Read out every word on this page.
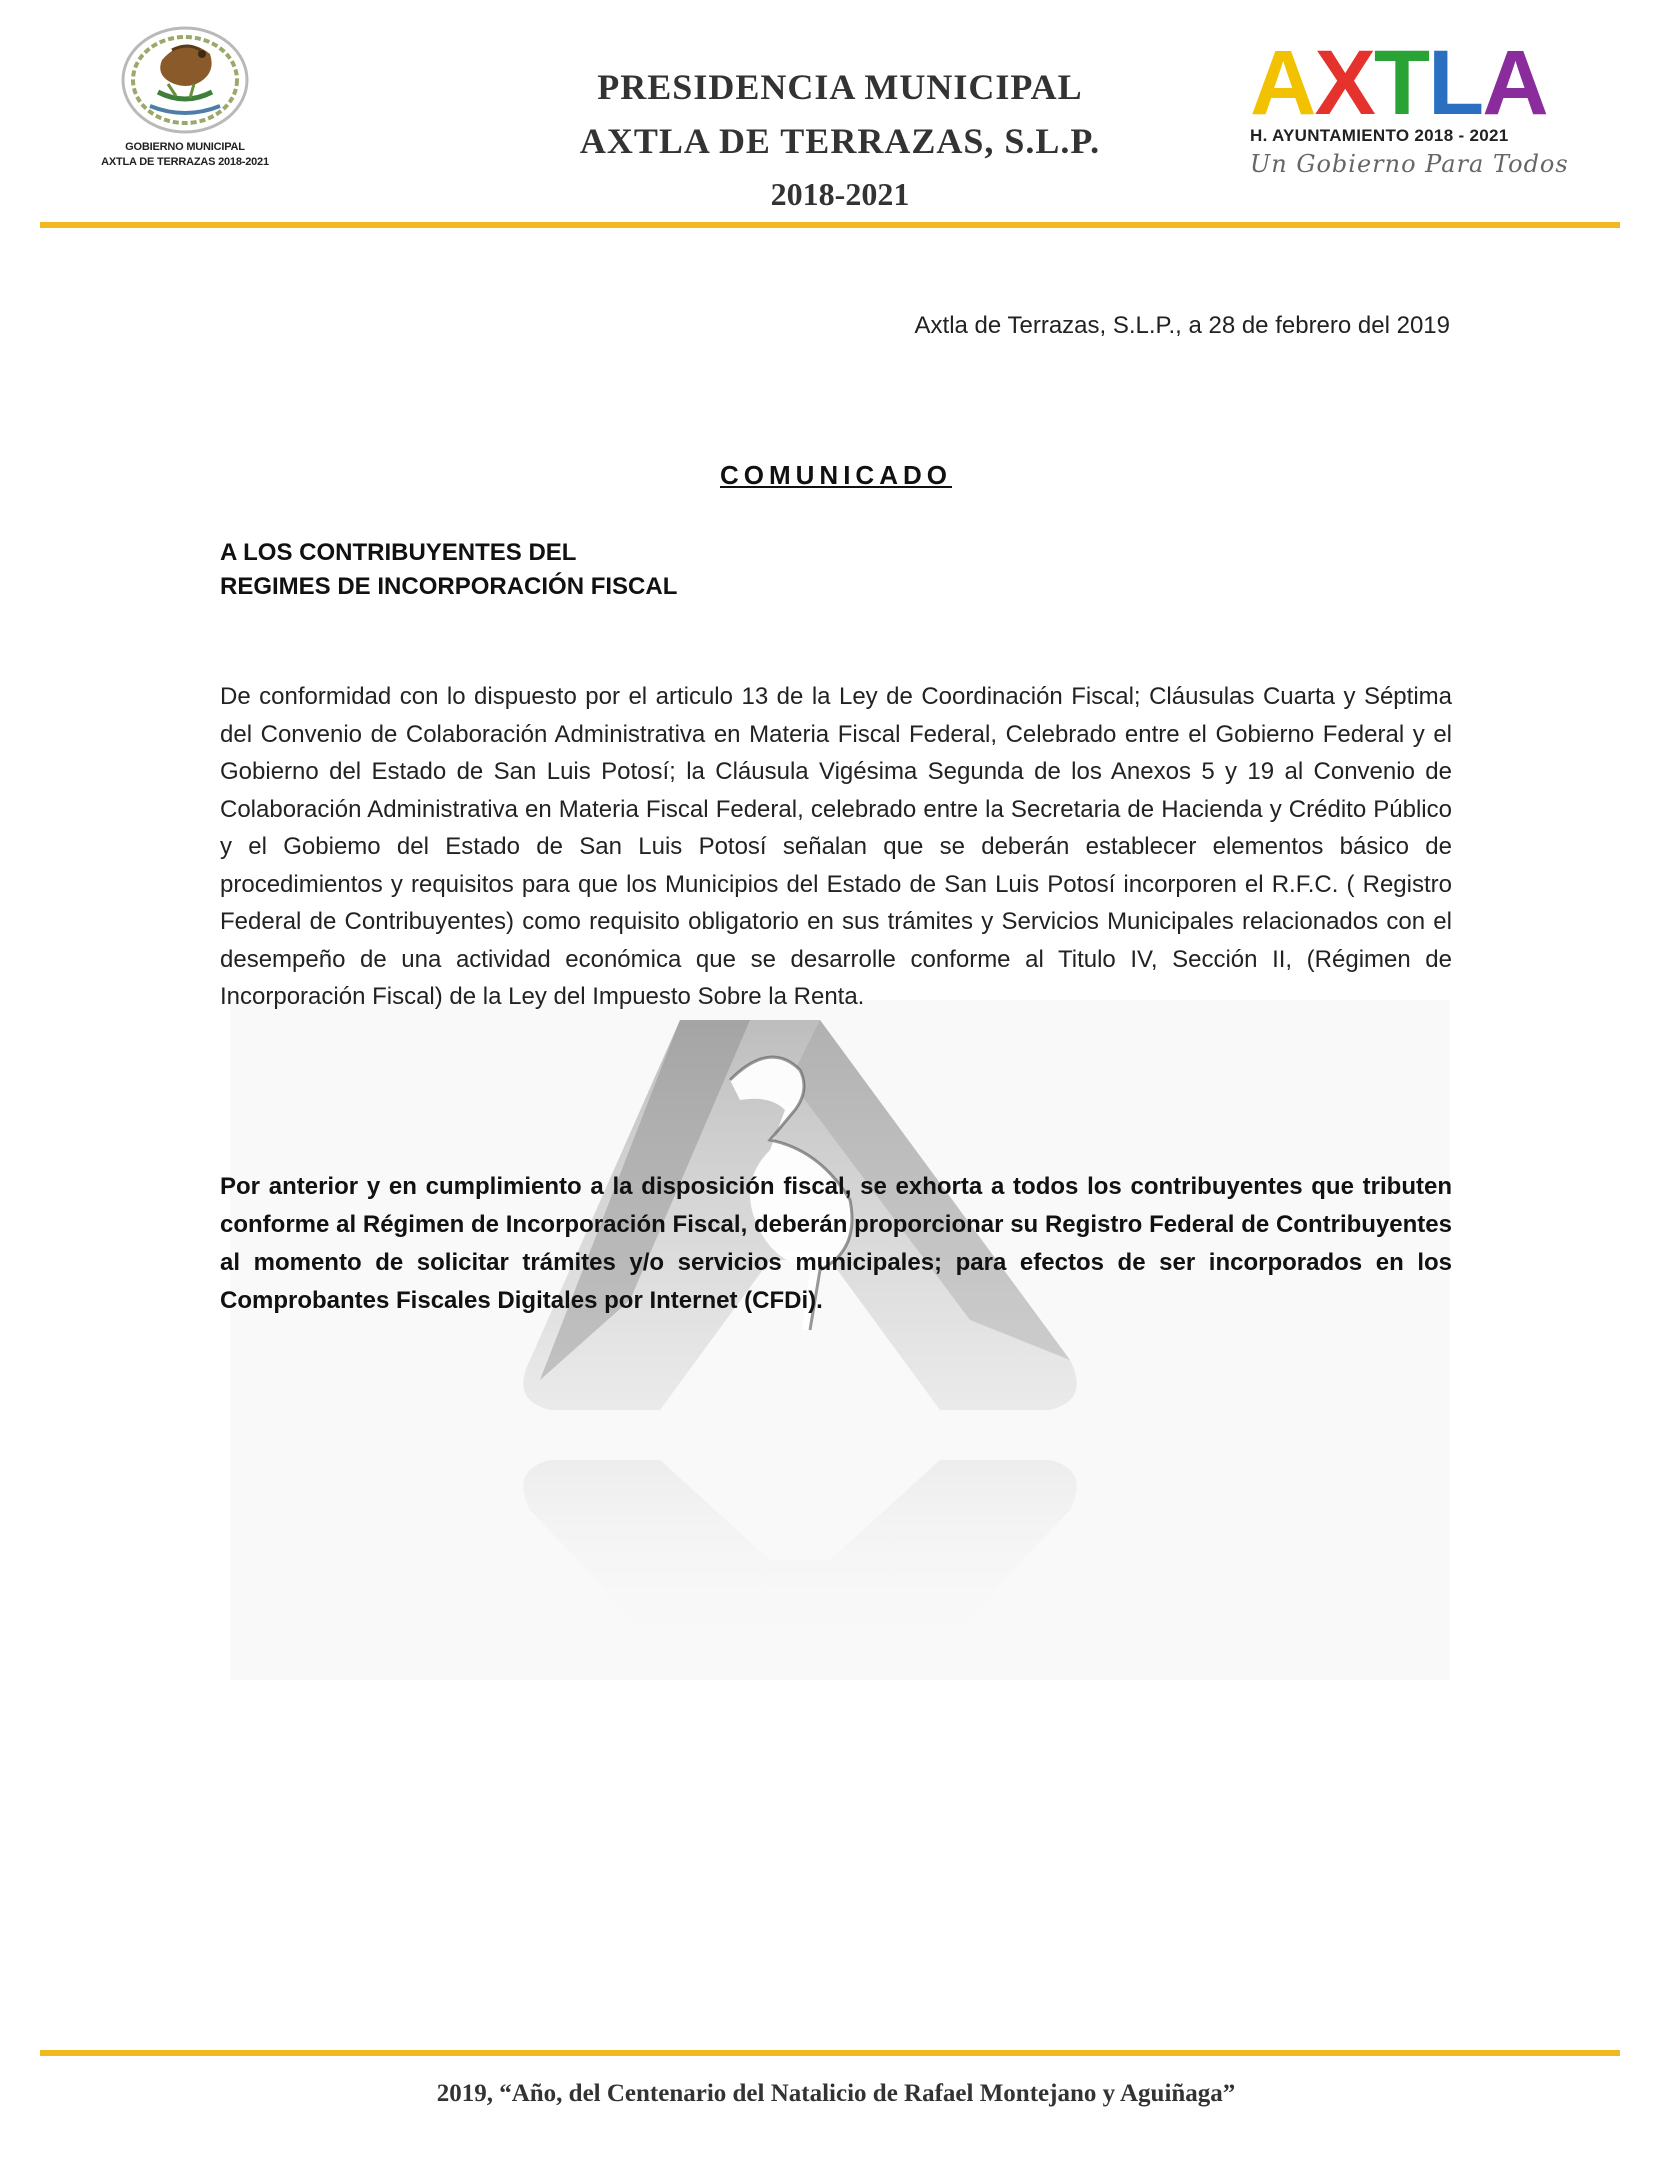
GOBIERNO MUNICIPAL
AXTLA DE TERRAZAS 2018-2021
PRESIDENCIA MUNICIPAL
AXTLA DE TERRAZAS, S.L.P.
2018-2021
AXTLA
H. AYUNTAMIENTO 2018 - 2021
Un Gobierno Para Todos
Axtla de Terrazas, S.L.P., a 28 de febrero del 2019
COMUNICADO
A LOS CONTRIBUYENTES DEL
REGIMES DE INCORPORACIÓN FISCAL
De conformidad con lo dispuesto por el articulo 13 de la Ley de Coordinación Fiscal; Cláusulas Cuarta y Séptima del Convenio de Colaboración Administrativa en Materia Fiscal Federal, Celebrado entre el Gobierno Federal y el Gobierno del Estado de San Luis Potosí; la Cláusula Vigésima Segunda de los Anexos 5 y 19 al Convenio de Colaboración Administrativa en Materia Fiscal Federal, celebrado entre la Secretaria de Hacienda y Crédito Público y el Gobiemo del Estado de San Luis Potosí señalan que se deberán establecer elementos básico de procedimientos y requisitos para que los Municipios del Estado de San Luis Potosí incorporen el R.F.C. ( Registro Federal de Contribuyentes) como requisito obligatorio en sus trámites y Servicios Municipales relacionados con el desempeño de una actividad económica que se desarrolle conforme al Titulo IV, Sección II, (Régimen de Incorporación Fiscal) de la Ley del Impuesto Sobre la Renta.
Por anterior y en cumplimiento a la disposición fiscal, se exhorta a todos los contribuyentes que tributen conforme al Régimen de Incorporación Fiscal, deberán proporcionar su Registro Federal de Contribuyentes al momento de solicitar trámites y/o servicios municipales; para efectos de ser incorporados en los Comprobantes Fiscales Digitales por Internet (CFDi).
2019, “Año, del Centenario del Natalicio de Rafael Montejano y Aguiñaga”
